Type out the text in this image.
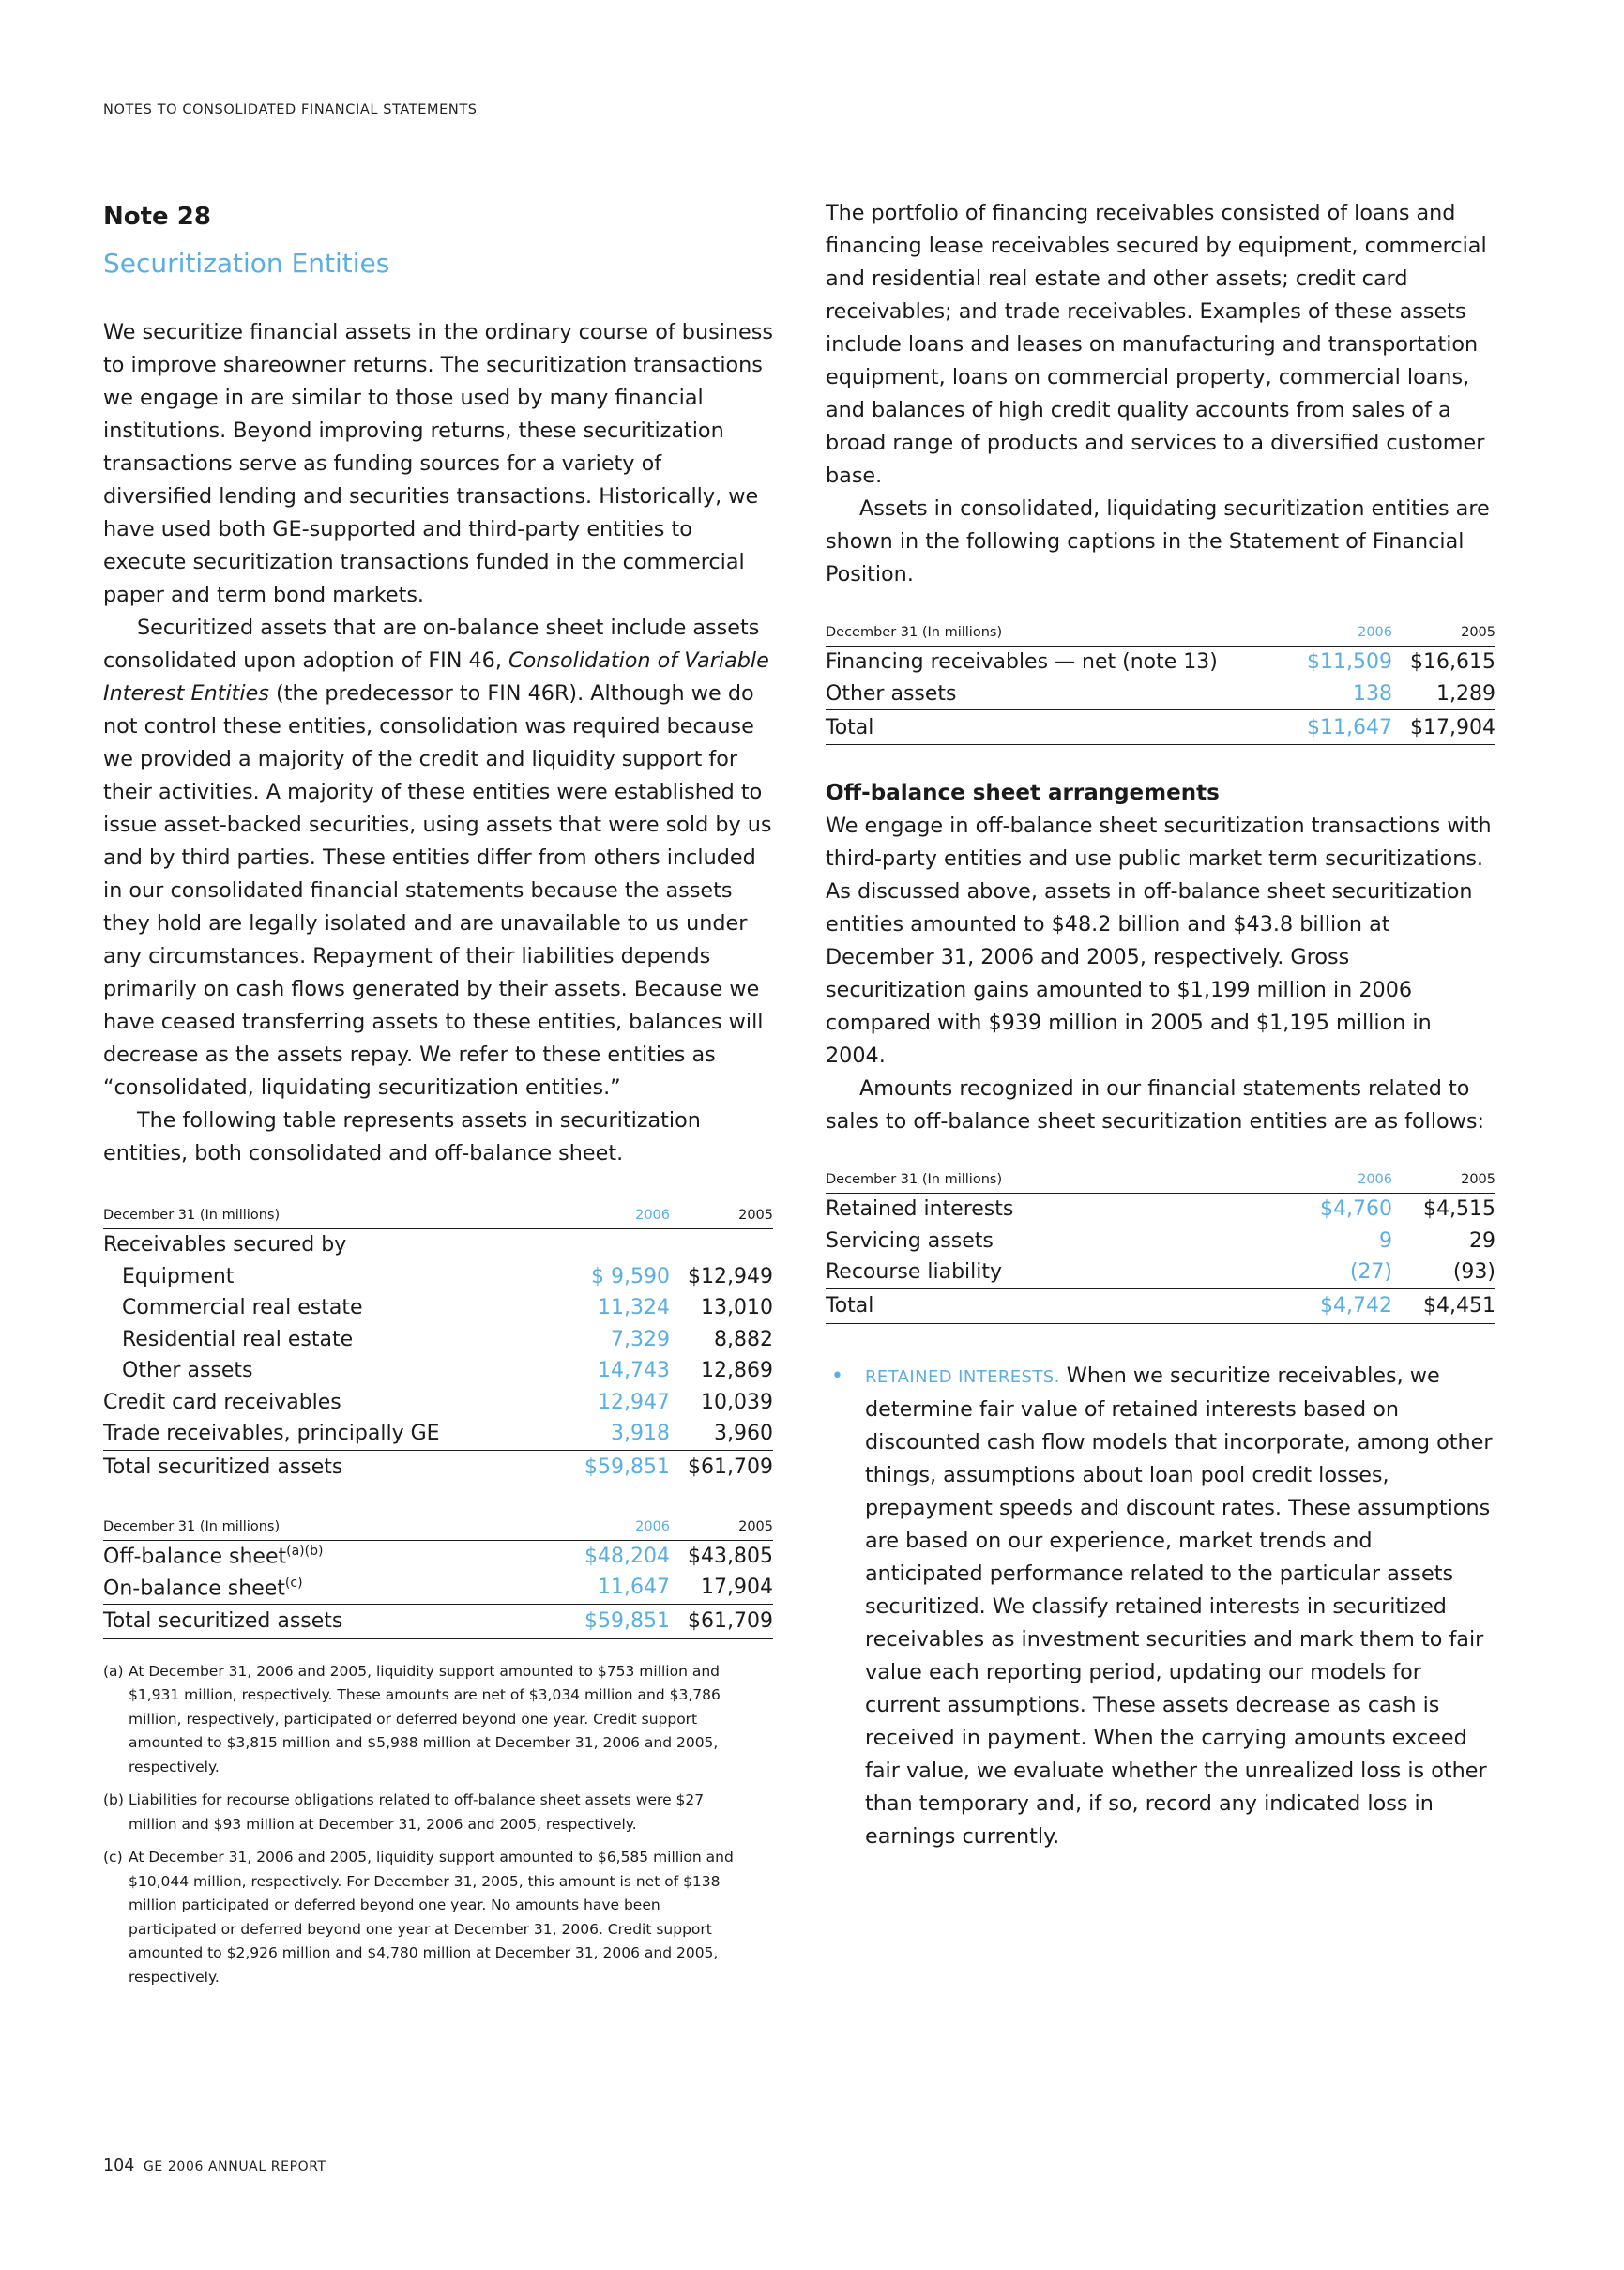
NOTES TO CONSOLIDATED FINANCIAL STATEMENTS
Note 28
Securitization Entities

We securitize financial assets in the ordinary course of business to improve shareowner returns. The securitization transactions we engage in are similar to those used by many financial institutions. Beyond improving returns, these securitization transactions serve as funding sources for a variety of diversified lending and securities transactions. Historically, we have used both GE-supported and third-party entities to execute securitization transactions funded in the commercial paper and term bond markets.

Securitized assets that are on-balance sheet include assets consolidated upon adoption of FIN 46, Consolidation of Variable Interest Entities (the predecessor to FIN 46R). Although we do not control these entities, consolidation was required because we provided a majority of the credit and liquidity support for their activities. A majority of these entities were established to issue asset-backed securities, using assets that were sold by us and by third parties. These entities differ from others included in our consolidated financial statements because the assets they hold are legally isolated and are unavailable to us under any circumstances. Repayment of their liabilities depends primarily on cash flows generated by their assets. Because we have ceased transferring assets to these entities, balances will decrease as the assets repay. We refer to these entities as “consolidated, liquidating securitization entities.”

The following table represents assets in securitization entities, both consolidated and off-balance sheet.

December 31 (In millions)	2006	2005
Receivables secured by		
Equipment	$ 9,590	$12,949
Commercial real estate	11,324	13,010
Residential real estate	7,329	8,882
Other assets	14,743	12,869
Credit card receivables	12,947	10,039
Trade receivables, principally GE	3,918	3,960
Total securitized assets	$59,851	$61,709
December 31 (In millions)	2006	2005
Off-balance sheet$^{(a)(b)}$	$48,204	$43,805
On-balance sheet$^{(c)}$	11,647	17,904
Total securitized assets	$59,851	$61,709
(a) At December 31, 2006 and 2005, liquidity support amounted to $753 million and $1,931 million, respectively. These amounts are net of $3,034 million and $3,786 million, respectively, participated or deferred beyond one year. Credit support amounted to $3,815 million and $5,988 million at December 31, 2006 and 2005, respectively.
(b) Liabilities for recourse obligations related to off-balance sheet assets were $27 million and $93 million at December 31, 2006 and 2005, respectively.
(c) At December 31, 2006 and 2005, liquidity support amounted to $6,585 million and $10,044 million, respectively. For December 31, 2005, this amount is net of $138 million participated or deferred beyond one year. No amounts have been participated or deferred beyond one year at December 31, 2006. Credit support amounted to $2,926 million and $4,780 million at December 31, 2006 and 2005, respectively.

The portfolio of financing receivables consisted of loans and financing lease receivables secured by equipment, commercial and residential real estate and other assets; credit card receivables; and trade receivables. Examples of these assets include loans and leases on manufacturing and transportation equipment, loans on commercial property, commercial loans, and balances of high credit quality accounts from sales of a broad range of products and services to a diversified customer base.

Assets in consolidated, liquidating securitization entities are shown in the following captions in the Statement of Financial Position.

December 31 (In millions)	2006	2005
Financing receivables — net (note 13)	$11,509	$16,615
Other assets	138	1,289
Total	$11,647	$17,904
Off-balance sheet arrangements

We engage in off-balance sheet securitization transactions with third-party entities and use public market term securitizations. As discussed above, assets in off-balance sheet securitization entities amounted to $48.2 billion and $43.8 billion at December 31, 2006 and 2005, respectively. Gross securitization gains amounted to $1,199 million in 2006 compared with $939 million in 2005 and $1,195 million in 2004.

Amounts recognized in our financial statements related to sales to off-balance sheet securitization entities are as follows:

December 31 (In millions)	2006	2005
Retained interests	$4,760	$4,515
Servicing assets	9	29
Recourse liability	(27)	(93)
Total	$4,742	$4,451
•	RETAINED INTERESTS. When we securitize receivables, we determine fair value of retained interests based on discounted cash flow models that incorporate, among other things, assumptions about loan pool credit losses, prepayment speeds and discount rates. These assumptions are based on our experience, market trends and anticipated performance related to the particular assets securitized. We classify retained interests in securitized receivables as investment securities and mark them to fair value each reporting period, updating our models for current assumptions. These assets decrease as cash is received in payment. When the carrying amounts exceed fair value, we evaluate whether the unrealized loss is other than temporary and, if so, record any indicated loss in earnings currently.
104 GE 2006 ANNUAL REPORT
